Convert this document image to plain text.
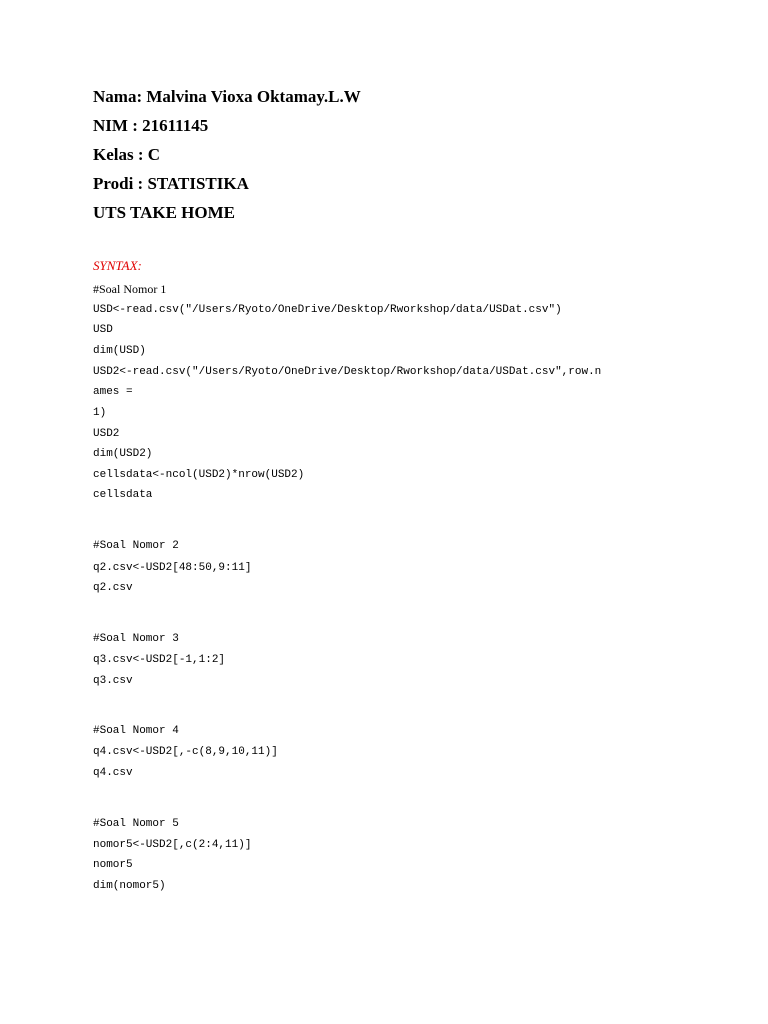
Nama: Malvina Vioxa Oktamay.L.W
NIM : 21611145
Kelas : C
Prodi : STATISTIKA
UTS TAKE HOME
SYNTAX:
#Soal Nomor 1
USD<-read.csv("/Users/Ryoto/OneDrive/Desktop/Rworkshop/data/USDat.csv")
USD
dim(USD)
USD2<-read.csv("/Users/Ryoto/OneDrive/Desktop/Rworkshop/data/USDat.csv",row.n
ames =
1)
USD2
dim(USD2)
cellsdata<-ncol(USD2)*nrow(USD2)
cellsdata
#Soal Nomor 2
q2.csv<-USD2[48:50,9:11]
q2.csv
#Soal Nomor 3
q3.csv<-USD2[-1,1:2]
q3.csv
#Soal Nomor 4
q4.csv<-USD2[,-c(8,9,10,11)]
q4.csv
#Soal Nomor 5
nomor5<-USD2[,c(2:4,11)]
nomor5
dim(nomor5)
